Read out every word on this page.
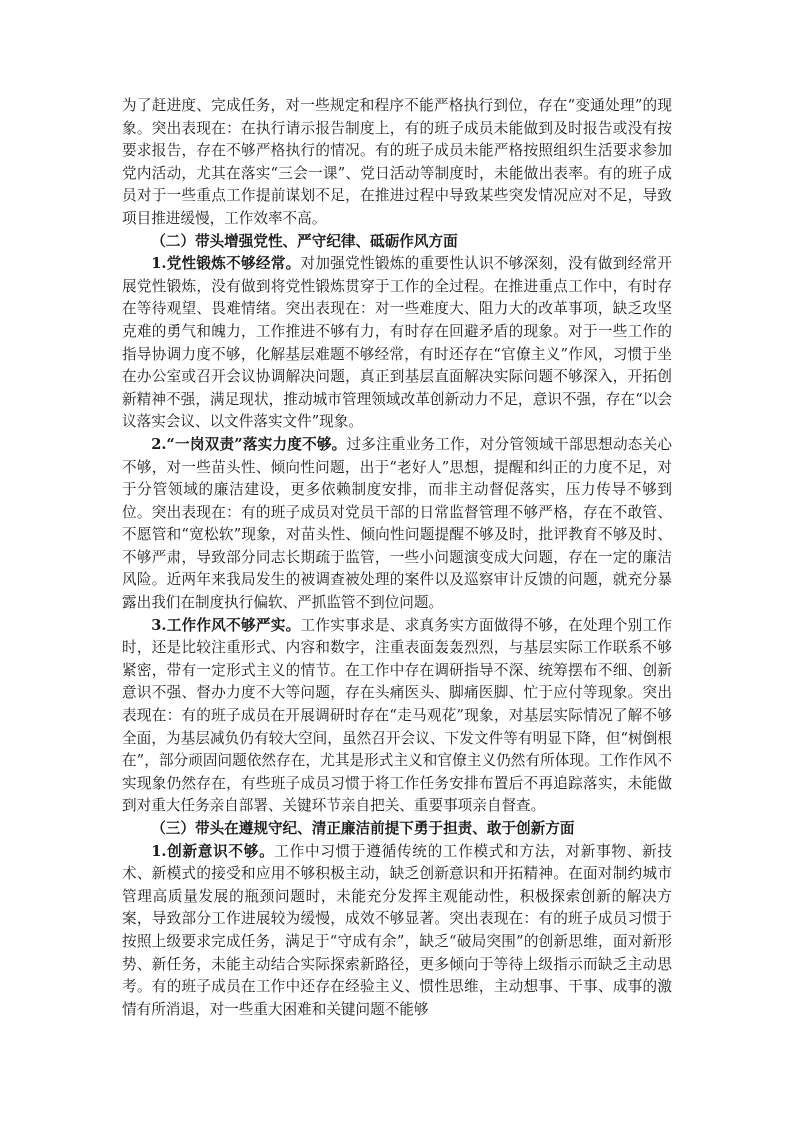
为了赶进度、完成任务，对一些规定和程序不能严格执行到位，存在“变通处理”的现象。突出表现在：在执行请示报告制度上，有的班子成员未能做到及时报告或没有按要求报告，存在不够严格执行的情况。有的班子成员未能严格按照组织生活要求参加党内活动，尤其在落实“三会一课”、党日活动等制度时，未能做出表率。有的班子成员对于一些重点工作提前谋划不足，在推进过程中导致某些突发情况应对不足，导致项目推进缓慢，工作效率不高。

（二）带头增强党性、严守纪律、砥砺作风方面

1.党性锻炼不够经常。对加强党性锻炼的重要性认识不够深刻，没有做到经常开展党性锻炼，没有做到将党性锻炼贯穿于工作的全过程。在推进重点工作中，有时存在等待观望、畏难情绪。突出表现在：对一些难度大、阻力大的改革事项，缺乏攻坚克难的勇气和魄力，工作推进不够有力，有时存在回避矛盾的现象。对于一些工作的指导协调力度不够，化解基层难题不够经常，有时还存在“官僚主义”作风，习惯于坐在办公室或召开会议协调解决问题，真正到基层直面解决实际问题不够深入，开拓创新精神不强，满足现状，推动城市管理领域改革创新动力不足，意识不强，存在“以会议落实会议、以文件落实文件”现象。

2.“一岗双责”落实力度不够。过多注重业务工作，对分管领域干部思想动态关心不够，对一些苗头性、倾向性问题，出于“老好人”思想，提醒和纠正的力度不足，对于分管领域的廉洁建设，更多依赖制度安排，而非主动督促落实，压力传导不够到位。突出表现在：有的班子成员对党员干部的日常监督管理不够严格，存在不敢管、不愿管和“宽松软”现象，对苗头性、倾向性问题提醒不够及时，批评教育不够及时、不够严肃，导致部分同志长期疏于监管，一些小问题演变成大问题，存在一定的廉洁风险。近两年来我局发生的被调查被处理的案件以及巡察审计反馈的问题，就充分暴露出我们在制度执行偏软、严抓监管不到位问题。

3.工作作风不够严实。工作实事求是、求真务实方面做得不够，在处理个别工作时，还是比较注重形式、内容和数字，注重表面轰轰烈烈，与基层实际工作联系不够紧密，带有一定形式主义的情节。在工作中存在调研指导不深、统筹摆布不细、创新意识不强、督办力度不大等问题，存在头痛医头、脚痛医脚、忙于应付等现象。突出表现在：有的班子成员在开展调研时存在“走马观花”现象，对基层实际情况了解不够全面，为基层减负仍有较大空间，虽然召开会议、下发文件等有明显下降，但“树倒根在”，部分顽固问题依然存在，尤其是形式主义和官僚主义仍然有所体现。工作作风不实现象仍然存在，有些班子成员习惯于将工作任务安排布置后不再追踪落实，未能做到对重大任务亲自部署、关键环节亲自把关、重要事项亲自督查。

（三）带头在遵规守纪、清正廉洁前提下勇于担责、敢于创新方面

1.创新意识不够。工作中习惯于遵循传统的工作模式和方法，对新事物、新技术、新模式的接受和应用不够积极主动，缺乏创新意识和开拓精神。在面对制约城市管理高质量发展的瓶颈问题时，未能充分发挥主观能动性，积极探索创新的解决方案，导致部分工作进展较为缓慢，成效不够显著。突出表现在：有的班子成员习惯于按照上级要求完成任务，满足于“守成有余”，缺乏“破局突围”的创新思维，面对新形势、新任务，未能主动结合实际探索新路径，更多倾向于等待上级指示而缺乏主动思考。有的班子成员在工作中还存在经验主义、惯性思维，主动想事、干事、成事的激情有所消退，对一些重大困难和关键问题不能够
